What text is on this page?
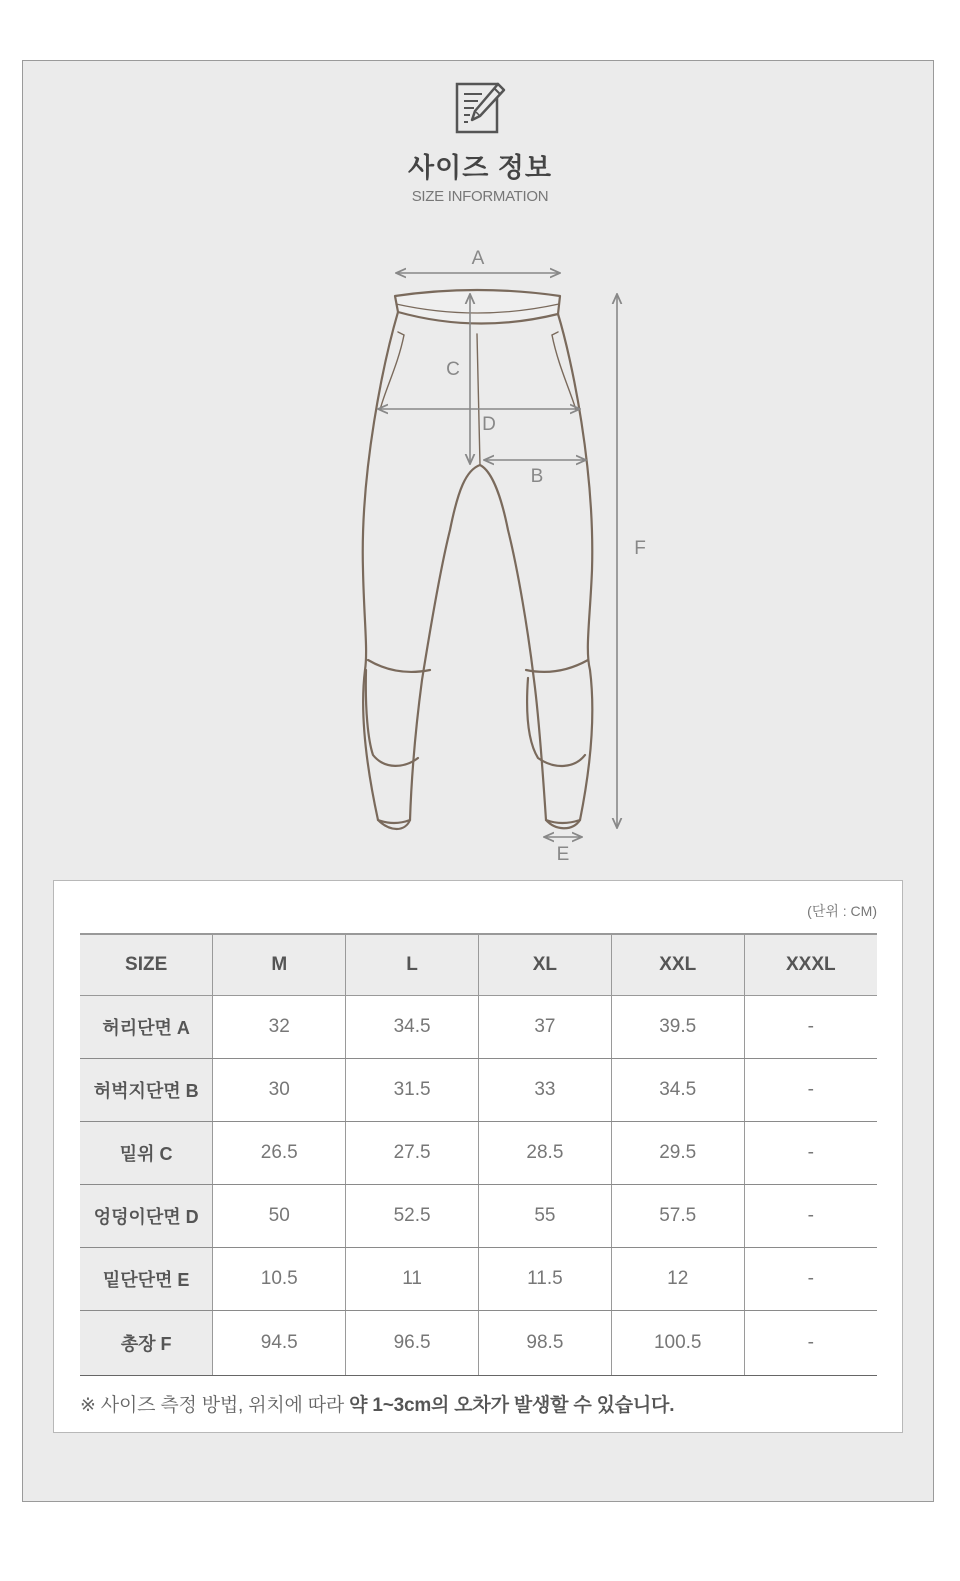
사이즈 정보
SIZE INFORMATION
A
C
D
B
F
E
(단위 : CM)
SIZE	M	L	XL	XXL	XXXL
허리단면 A	32	34.5	37	39.5	-
허벅지단면 B	30	31.5	33	34.5	-
밑위 C	26.5	27.5	28.5	29.5	-
엉덩이단면 D	50	52.5	55	57.5	-
밑단단면 E	10.5	11	11.5	12	-
총장 F	94.5	96.5	98.5	100.5	-
※ 사이즈 측정 방법, 위치에 따라 약 1~3cm의 오차가 발생할 수 있습니다.
